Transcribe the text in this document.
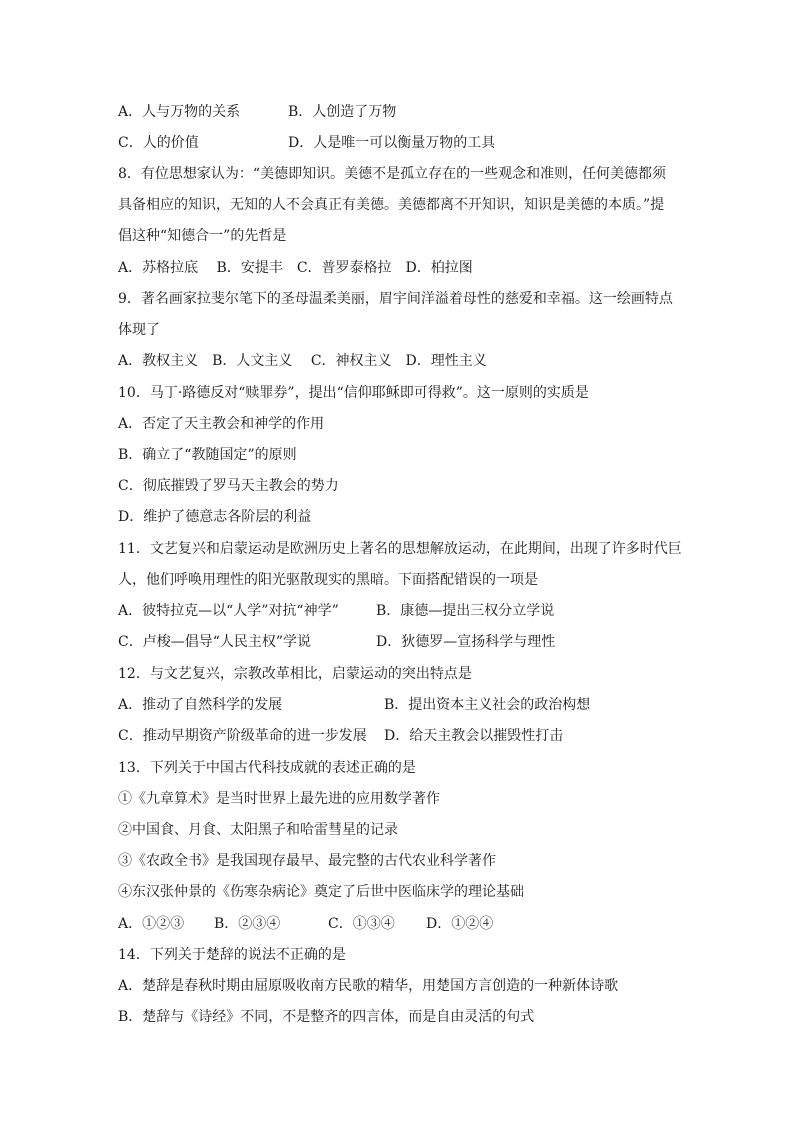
A．人与万物的关系	B．人创造了万物
C．人的价值	D．人是唯一可以衡量万物的工具
8．有位思想家认为：“美德即知识。美德不是孤立存在的一些观念和准则，任何美德都须
具备相应的知识，无知的人不会真正有美德。美德都离不开知识，知识是美德的本质。”提
倡这种“知德合一”的先哲是
A．苏格拉底　 B．安提丰　C．普罗泰格拉　D．柏拉图
9．著名画家拉斐尔笔下的圣母温柔美丽，眉宇间洋溢着母性的慈爱和幸福。这一绘画特点
体现了
A．教权主义　B．人文主义　 C．神权主义　D．理性主义
10．马丁·路德反对“赎罪券”，提出“信仰耶稣即可得救”。这一原则的实质是
A．否定了天主教会和神学的作用
B．确立了“教随国定”的原则
C．彻底摧毁了罗马天主教会的势力
D．维护了德意志各阶层的利益
11．文艺复兴和启蒙运动是欧洲历史上著名的思想解放运动，在此期间，出现了许多时代巨
人，他们呼唤用理性的阳光驱散现实的黑暗。下面搭配错误的一项是
A．彼特拉克—以“人学”对抗“神学”	B．康德—提出三权分立学说
C．卢梭—倡导“人民主权”学说	D．狄德罗—宣扬科学与理性
12．与文艺复兴，宗教改革相比，启蒙运动的突出特点是
A．推动了自然科学的发展	B．提出资本主义社会的政治构想
C．推动早期资产阶级革命的进一步发展 D．给天主教会以摧毁性打击
13．下列关于中国古代科技成就的表述正确的是
①《九章算术》是当时世界上最先进的应用数学著作
②中国食、月食、太阳黑子和哈雷彗星的记录
③《农政全书》是我国现存最早、最完整的古代农业科学著作
④东汉张仲景的《伤寒杂病论》奠定了后世中医临床学的理论基础
A．①②③ B．②③④	C．①③④ D．①②④
14．下列关于楚辞的说法不正确的是
A．楚辞是春秋时期由屈原吸收南方民歌的精华，用楚国方言创造的一种新体诗歌
B．楚辞与《诗经》不同，不是整齐的四言体，而是自由灵活的句式
